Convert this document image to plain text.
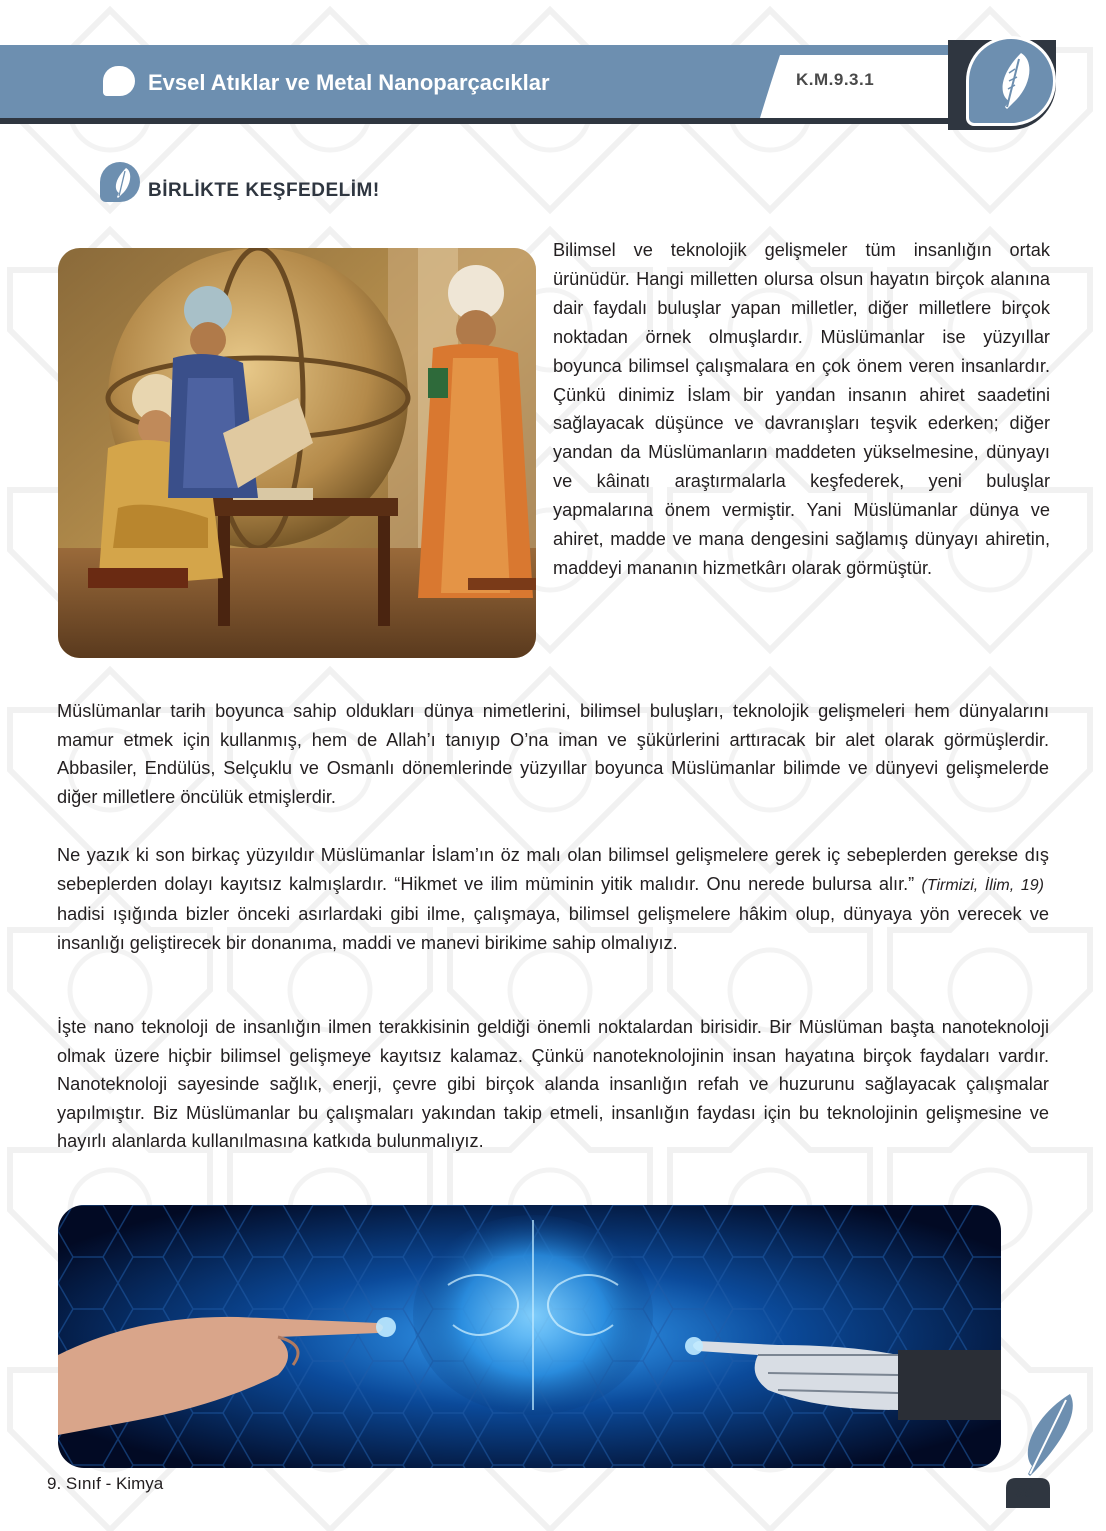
Evsel Atıklar ve Metal Nanoparçacıklar	K.M.9.3.1
BİRLİKTE KEŞFEDELİM!
Bilimsel ve teknolojik gelişmeler tüm insanlığın ortak ürünüdür. Hangi milletten olursa olsun hayatın birçok alanına dair faydalı buluşlar yapan milletler, diğer milletlere birçok noktadan örnek olmuşlardır. Müslümanlar ise yüzyıllar boyunca bilimsel çalışmalara en çok önem veren insanlardır. Çünkü dinimiz İslam bir yandan insanın ahiret saadetini sağlayacak düşünce ve davranışları teşvik ederken; diğer yandan da Müslümanların maddeten yükselmesine, dünyayı ve kâinatı araştırmalarla keşfederek, yeni buluşlar yapmalarına önem vermiştir. Yani Müslümanlar dünya ve ahiret, madde ve mana dengesini sağlamış dünyayı ahiretin, maddeyi mananın hizmetkârı olarak görmüştür.
Müslümanlar tarih boyunca sahip oldukları dünya nimetlerini, bilimsel buluşları, teknolojik gelişmeleri hem dünyalarını mamur etmek için kullanmış, hem de Allah’ı tanıyıp O’na iman ve şükürlerini arttıracak bir alet olarak görmüşlerdir. Abbasiler, Endülüs, Selçuklu ve Osmanlı dönemlerinde yüzyıllar boyunca Müslümanlar bilimde ve dünyevi gelişmelerde diğer milletlere öncülük etmişlerdir.
Ne yazık ki son birkaç yüzyıldır Müslümanlar İslam’ın öz malı olan bilimsel gelişmelere gerek iç sebeplerden gerekse dış sebeplerden dolayı kayıtsız kalmışlardır. “Hikmet ve ilim müminin yitik malıdır. Onu nerede bulursa alır.” (Tirmizi, İlim, 19)  hadisi ışığında bizler önceki asırlardaki gibi ilme, çalışmaya, bilimsel gelişmelere hâkim olup, dünyaya yön verecek ve insanlığı geliştirecek bir donanıma, maddi ve manevi birikime sahip olmalıyız.
İşte nano teknoloji de insanlığın ilmen terakkisinin geldiği önemli noktalardan birisidir. Bir Müslüman başta nanoteknoloji olmak üzere hiçbir bilimsel gelişmeye kayıtsız kalamaz. Çünkü nanoteknolojinin insan hayatına birçok faydaları vardır. Nanoteknoloji sayesinde sağlık, enerji, çevre gibi birçok alanda insanlığın refah ve huzurunu sağlayacak çalışmalar yapılmıştır. Biz Müslümanlar bu çalışmaları yakından takip etmeli, insanlığın faydası için bu teknolojinin gelişmesine ve hayırlı alanlarda kullanılmasına katkıda bulunmalıyız.
9. Sınıf - Kimya	99
